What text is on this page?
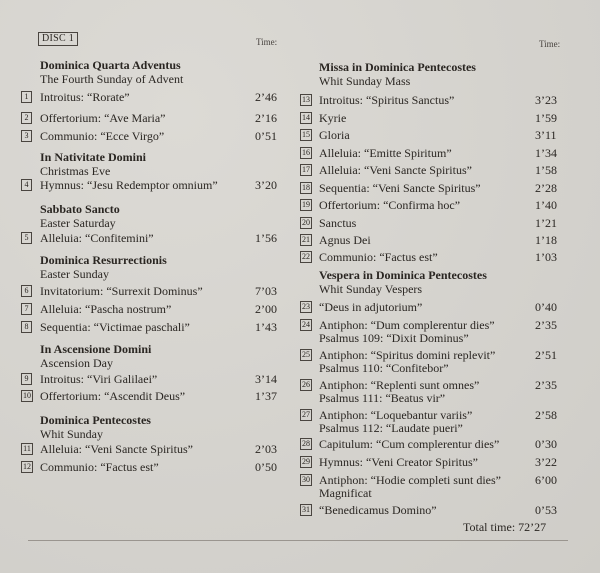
DISC 1	Time:	Time:
Dominica Quarta Adventus
The Fourth Sunday of Advent
1 Introitus: “Rorate”	2’46
2 Offertorium: “Ave Maria”	2’16
3 Communio: “Ecce Virgo”	0’51
In Nativitate Domini
Christmas Eve
4 Hymnus: “Jesu Redemptor omnium”	3’20
Sabbato Sancto
Easter Saturday
5 Alleluia: “Confitemini”	1’56
Dominica Resurrectionis
Easter Sunday
6 Invitatorium: “Surrexit Dominus”	7’03
7 Alleluia: “Pascha nostrum”	2’00
8 Sequentia: “Victimae paschali”	1’43
In Ascensione Domini
Ascension Day
9 Introitus: “Viri Galilaei”	3’14
10 Offertorium: “Ascendit Deus”	1’37
Dominica Pentecostes
Whit Sunday
11 Alleluia: “Veni Sancte Spiritus”	2’03
12 Communio: “Factus est”	0’50
Missa in Dominica Pentecostes
Whit Sunday Mass
13 Introitus: “Spiritus Sanctus”	3’23
14 Kyrie	1’59
15 Gloria	3’11
16 Alleluia: “Emitte Spiritum”	1’34
17 Alleluia: “Veni Sancte Spiritus”	1’58
18 Sequentia: “Veni Sancte Spiritus”	2’28
19 Offertorium: “Confirma hoc”	1’40
20 Sanctus	1’21
21 Agnus Dei	1’18
22 Communio: “Factus est”	1’03
Vespera in Dominica Pentecostes
Whit Sunday Vespers
23 “Deus in adjutorium”	0’40
24 Antiphon: “Dum complerentur dies”	2’35
Psalmus 109: “Dixit Dominus”
25 Antiphon: “Spiritus domini replevit”	2’51
Psalmus 110: “Confitebor”
26 Antiphon: “Replenti sunt omnes”	2’35
Psalmus 111: “Beatus vir”
27 Antiphon: “Loquebantur variis”	2’58
Psalmus 112: “Laudate pueri”
28 Capitulum: “Cum complerentur dies”	0’30
29 Hymnus: “Veni Creator Spiritus”	3’22
30 Antiphon: “Hodie completi sunt dies”	6’00
Magnificat
31 “Benedicamus Domino”	0’53
Total time: 72’27
